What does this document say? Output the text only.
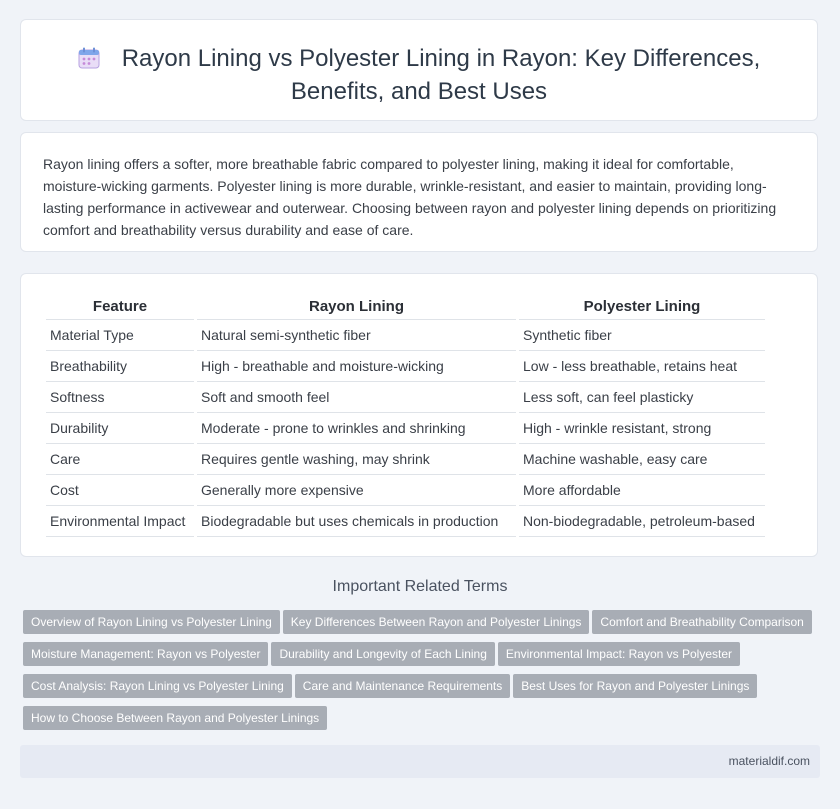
Rayon Lining vs Polyester Lining in Rayon: Key Differences,
Benefits, and Best Uses
Rayon lining offers a softer, more breathable fabric compared to polyester lining, making it ideal for comfortable, moisture-wicking garments. Polyester lining is more durable, wrinkle-resistant, and easier to maintain, providing long-lasting performance in activewear and outerwear. Choosing between rayon and polyester lining depends on prioritizing comfort and breathability versus durability and ease of care.
Feature	Rayon Lining	Polyester Lining
Material Type	Natural semi-synthetic fiber	Synthetic fiber
Breathability	High - breathable and moisture-wicking	Low - less breathable, retains heat
Softness	Soft and smooth feel	Less soft, can feel plasticky
Durability	Moderate - prone to wrinkles and shrinking	High - wrinkle resistant, strong
Care	Requires gentle washing, may shrink	Machine washable, easy care
Cost	Generally more expensive	More affordable
Environmental Impact	Biodegradable but uses chemicals in production	Non-biodegradable, petroleum-based
Important Related Terms
Overview of Rayon Lining vs Polyester Lining Key Differences Between Rayon and Polyester Linings Comfort and Breathability ComparisonMoisture Management: Rayon vs Polyester Durability and Longevity of Each Lining Environmental Impact: Rayon vs PolyesterCost Analysis: Rayon Lining vs Polyester Lining Care and Maintenance Requirements Best Uses for Rayon and Polyester LiningsHow to Choose Between Rayon and Polyester Linings
materialdif.com
